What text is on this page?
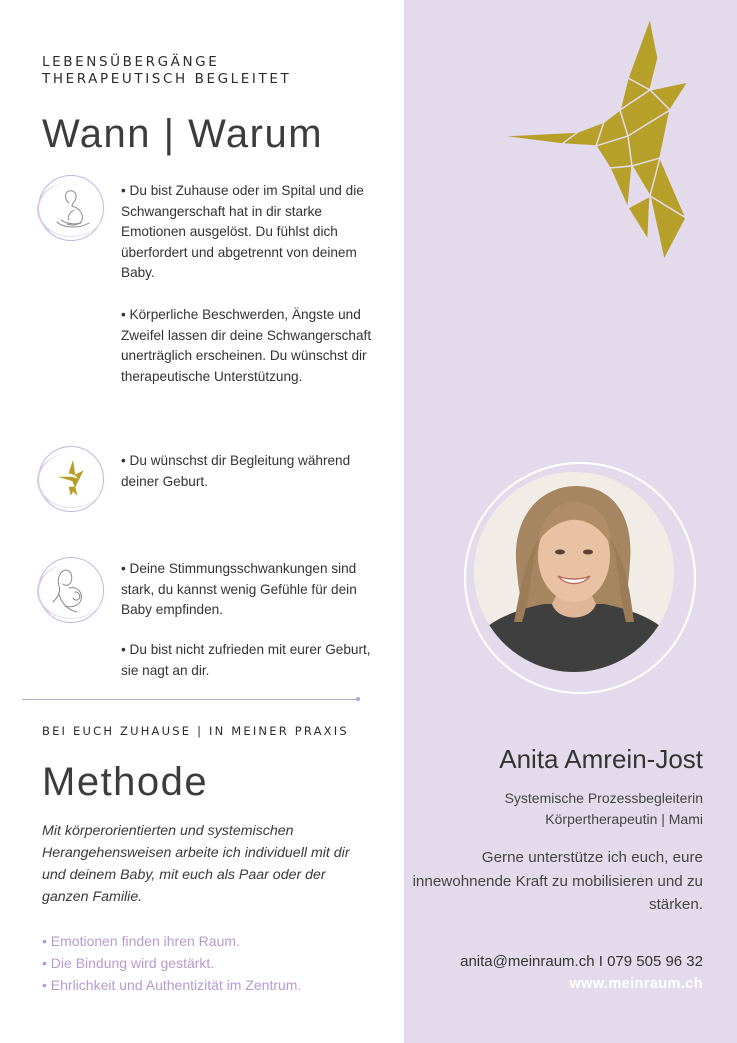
LEBENSÜBERGÄNGE
THERAPEUTISCH BEGLEITET
Wann | Warum
• Du bist Zuhause oder im Spital und die Schwangerschaft hat in dir starke Emotionen ausgelöst. Du fühlst dich überfordert und abgetrennt von deinem Baby.
• Körperliche Beschwerden, Ängste und Zweifel lassen dir deine Schwangerschaft unerträglich erscheinen. Du wünschst dir therapeutische Unterstützung.
• Du wünschst dir Begleitung während deiner Geburt.
• Deine Stimmungsschwankungen sind stark, du kannst wenig Gefühle für dein Baby empfinden.
• Du bist nicht zufrieden mit eurer Geburt, sie nagt an dir.
BEI EUCH ZUHAUSE | IN MEINER PRAXIS
Methode
Mit körperorientierten und systemischen Herangehensweisen arbeite ich individuell mit dir und deinem Baby, mit euch als Paar oder der ganzen Familie.
• Emotionen finden ihren Raum.
• Die Bindung wird gestärkt.
• Ehrlichkeit und Authentizität im Zentrum.
Anita Amrein-Jost
Systemische Prozessbegleiterin
Körpertherapeutin | Mami
Gerne unterstütze ich euch, eure innewohnende Kraft zu mobilisieren und zu stärken.
anita@meinraum.ch I 079 505 96 32
www.meinraum.ch
